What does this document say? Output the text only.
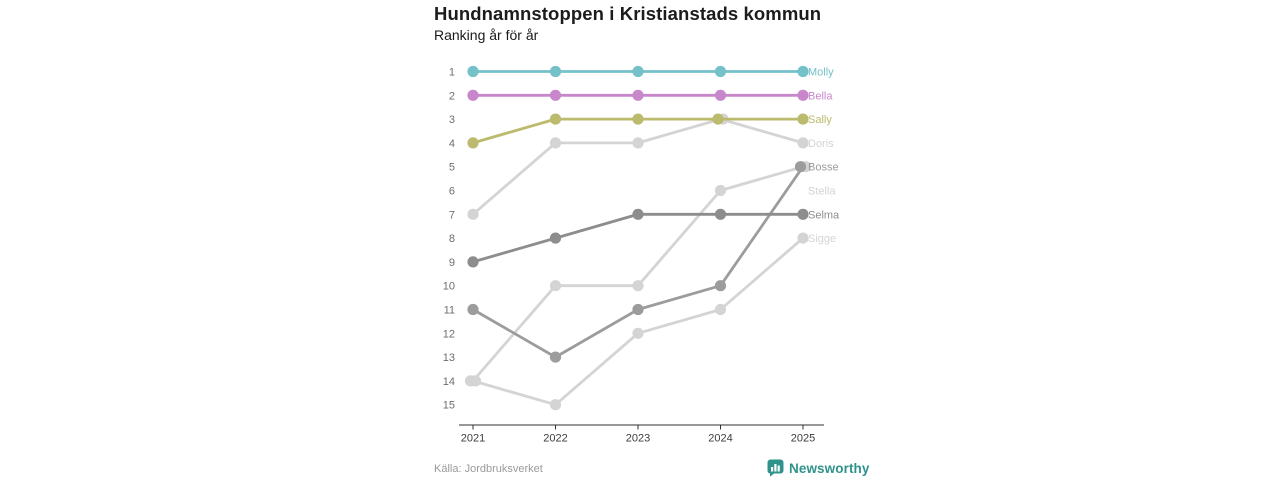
Hundnamnstoppen i Kristianstads kommun
Ranking år för år
1
2
3
4
5
6
7
8
9
10
11
12
13
14
15
2021	2022	2023	2024	2025
Molly
Bella
Sally
Doris
Bosse
Stella
Selma
Sigge
Källa: Jordbruksverket	Newsworthy
